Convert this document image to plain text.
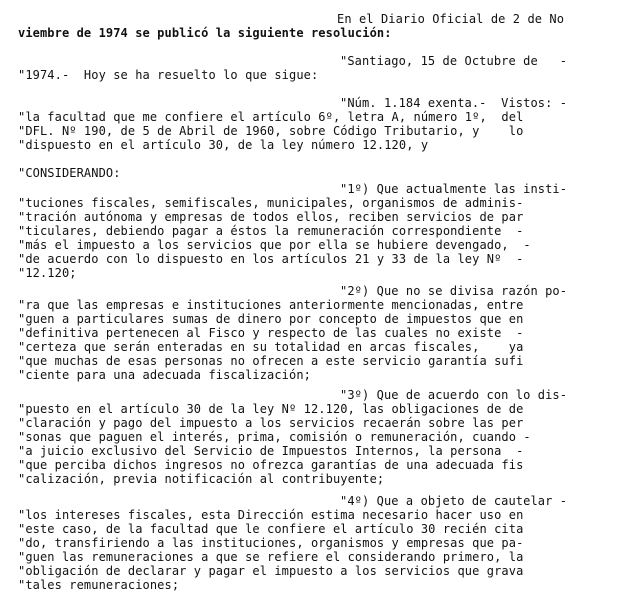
En el Diario Oficial de 2 de No
viembre de 1974 se publicó la siguiente resolución:
"Santiago, 15 de Octubre de   -
"1974.-  Hoy se ha resuelto lo que sigue:
"Núm. 1.184 exenta.-  Vistos: -
"la facultad que me confiere el artículo 6º, letra A, número 1º,  del
"DFL. Nº 190, de 5 de Abril de 1960, sobre Código Tributario, y    lo
"dispuesto en el artículo 30, de la ley número 12.120, y
"CONSIDERANDO:
"1º) Que actualmente las insti-
"tuciones fiscales, semifiscales, municipales, organismos de adminis-
"tración autónoma y empresas de todos ellos, reciben servicios de par
"ticulares, debiendo pagar a éstos la remuneración correspondiente  -
"más el impuesto a los servicios que por ella se hubiere devengado,  -
"de acuerdo con lo dispuesto en los artículos 21 y 33 de la ley Nº  -
"12.120;
"2º) Que no se divisa razón po-
"ra que las empresas e instituciones anteriormente mencionadas, entre
"guen a particulares sumas de dinero por concepto de impuestos que en
"definitiva pertenecen al Fisco y respecto de las cuales no existe  -
"certeza que serán enteradas en su totalidad en arcas fiscales,    ya
"que muchas de esas personas no ofrecen a este servicio garantía sufi
"ciente para una adecuada fiscalización;
"3º) Que de acuerdo con lo dis-
"puesto en el artículo 30 de la ley Nº 12.120, las obligaciones de de
"claración y pago del impuesto a los servicios recaerán sobre las per
"sonas que paguen el interés, prima, comisión o remuneración, cuando -
"a juicio exclusivo del Servicio de Impuestos Internos, la persona  -
"que perciba dichos ingresos no ofrezca garantías de una adecuada fis
"calización, previa notificación al contribuyente;
"4º) Que a objeto de cautelar -
"los intereses fiscales, esta Dirección estima necesario hacer uso en
"este caso, de la facultad que le confiere el artículo 30 recién cita
"do, transfiriendo a las instituciones, organismos y empresas que pa-
"guen las remuneraciones a que se refiere el considerando primero, la
"obligación de declarar y pagar el impuesto a los servicios que grava
"tales remuneraciones;
